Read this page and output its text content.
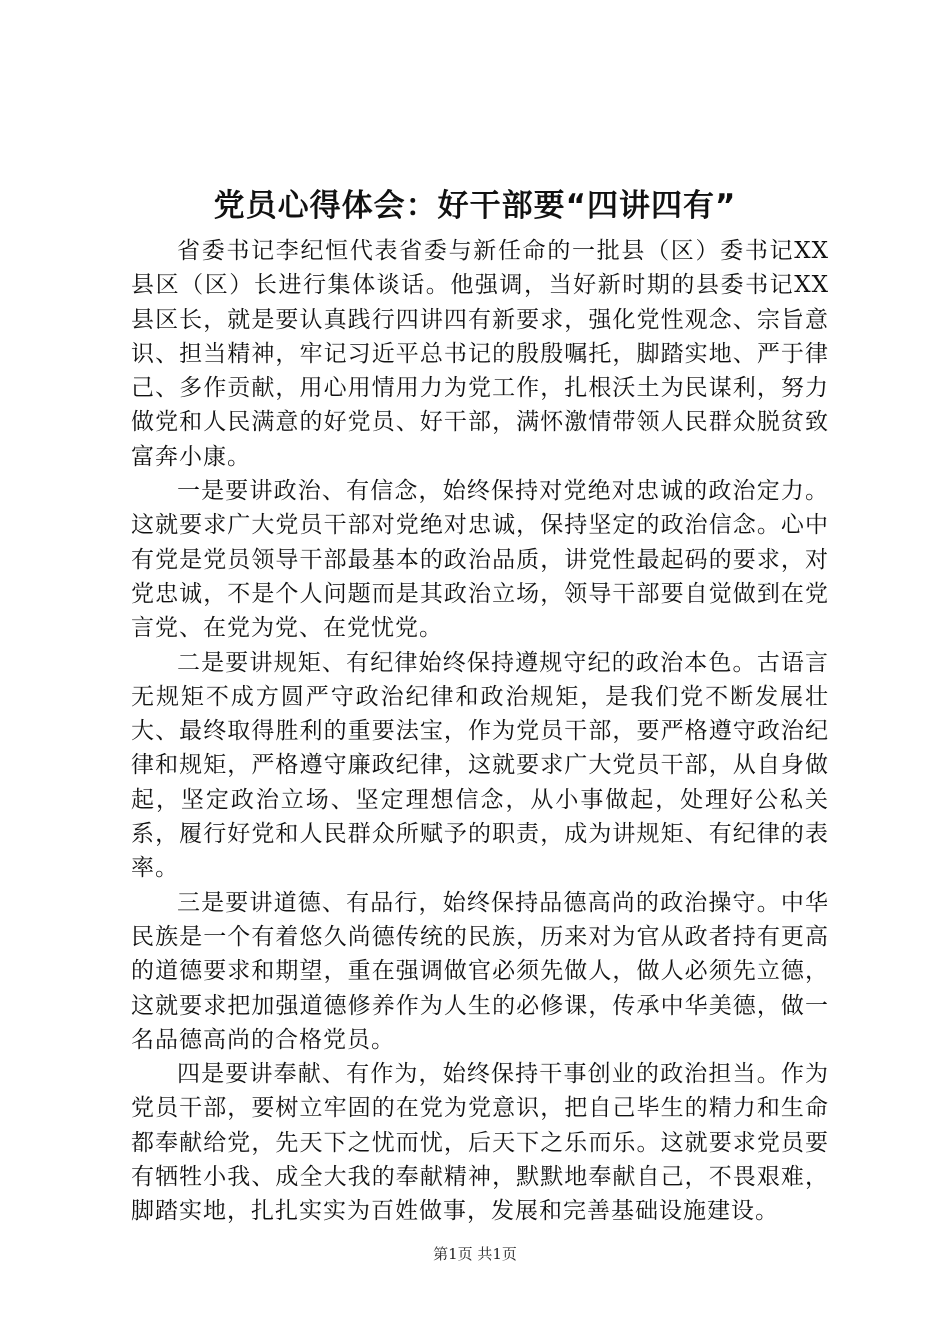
党员心得体会：好干部要“四讲四有”

省委书记李纪恒代表省委与新任命的一批县（区）委书记XX县区（区）长进行集体谈话。他强调，当好新时期的县委书记XX县区长，就是要认真践行四讲四有新要求，强化党性观念、宗旨意识、担当精神，牢记习近平总书记的殷殷嘱托，脚踏实地、严于律己、多作贡献，用心用情用力为党工作，扎根沃土为民谋利，努力做党和人民满意的好党员、好干部，满怀激情带领人民群众脱贫致富奔小康。

一是要讲政治、有信念，始终保持对党绝对忠诚的政治定力。这就要求广大党员干部对党绝对忠诚，保持坚定的政治信念。心中有党是党员领导干部最基本的政治品质，讲党性最起码的要求，对党忠诚，不是个人问题而是其政治立场，领导干部要自觉做到在党言党、在党为党、在党忧党。

二是要讲规矩、有纪律始终保持遵规守纪的政治本色。古语言无规矩不成方圆严守政治纪律和政治规矩，是我们党不断发展壮大、最终取得胜利的重要法宝，作为党员干部，要严格遵守政治纪律和规矩，严格遵守廉政纪律，这就要求广大党员干部，从自身做起，坚定政治立场、坚定理想信念，从小事做起，处理好公私关系，履行好党和人民群众所赋予的职责，成为讲规矩、有纪律的表率。

三是要讲道德、有品行，始终保持品德高尚的政治操守。中华民族是一个有着悠久尚德传统的民族，历来对为官从政者持有更高的道德要求和期望，重在强调做官必须先做人，做人必须先立德，这就要求把加强道德修养作为人生的必修课，传承中华美德，做一名品德高尚的合格党员。

四是要讲奉献、有作为，始终保持干事创业的政治担当。作为党员干部，要树立牢固的在党为党意识，把自己毕生的精力和生命都奉献给党，先天下之忧而忧，后天下之乐而乐。这就要求党员要有牺牲小我、成全大我的奉献精神，默默地奉献自己，不畏艰难，脚踏实地，扎扎实实为百姓做事，发展和完善基础设施建设。

第1页 共1页
